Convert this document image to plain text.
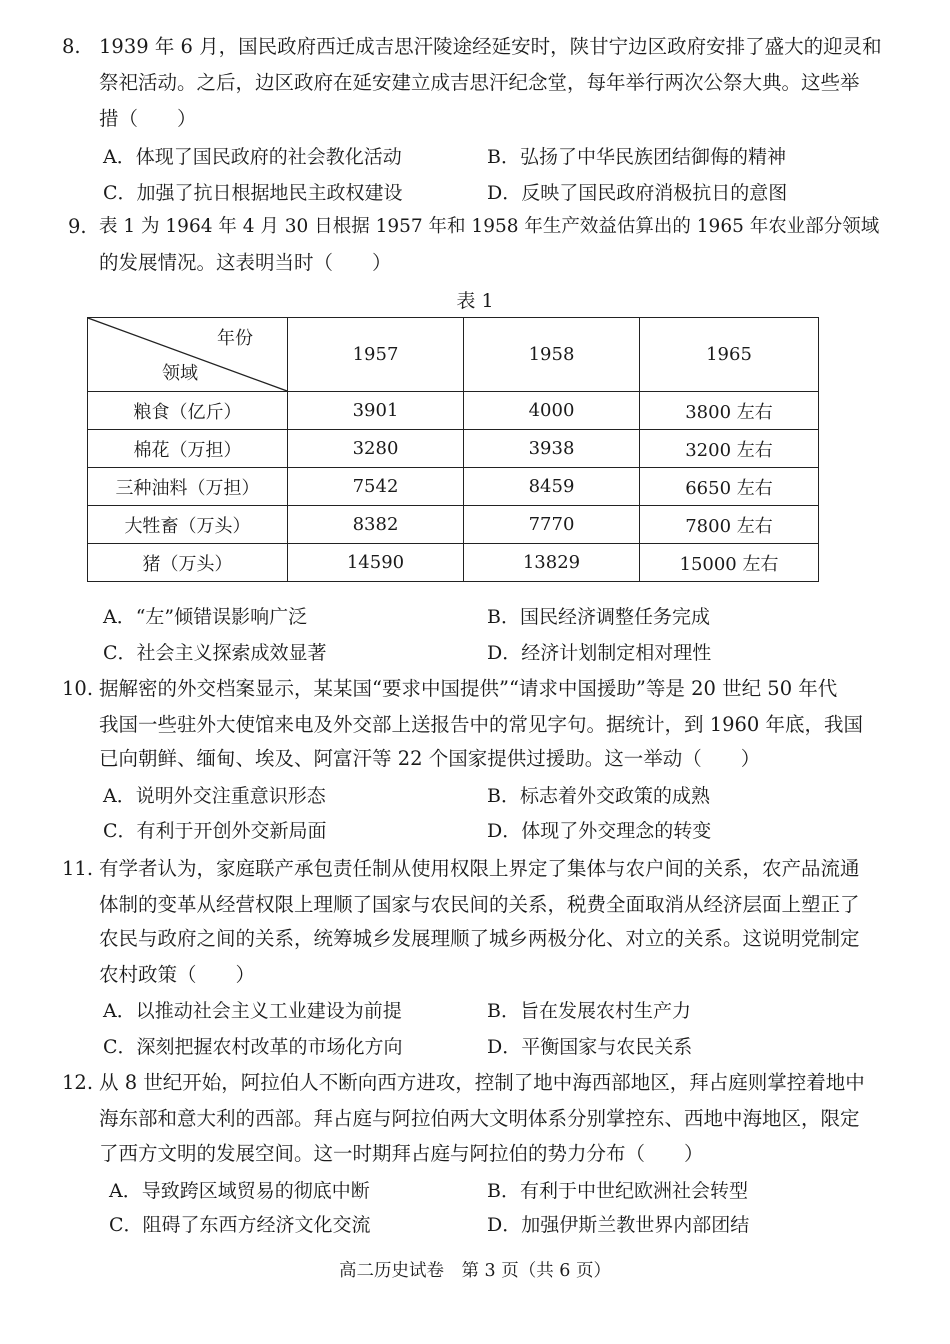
8. 1939 年 6 月，国民政府西迁成吉思汗陵途经延安时，陕甘宁边区政府安排了盛大的迎灵和
祭祀活动。之后，边区政府在延安建立成吉思汗纪念堂，每年举行两次公祭大典。这些举
措（　　）
A．体现了国民政府的社会教化活动	B．弘扬了中华民族团结御侮的精神
C．加强了抗日根据地民主政权建设	D．反映了国民政府消极抗日的意图
9. 表 1 为 1964 年 4 月 30 日根据 1957 年和 1958 年生产效益估算出的 1965 年农业部分领域
的发展情况。这表明当时（　　）
表 1
年份
领域	1957	1958	1965
粮食（亿斤）	3901	4000	3800 左右
棉花（万担）	3280	3938	3200 左右
三种油料（万担）	7542	8459	6650 左右
大牲畜（万头）	8382	7770	7800 左右
猪（万头）	14590	13829	15000 左右
A．“左”倾错误影响广泛	B．国民经济调整任务完成
C．社会主义探索成效显著	D．经济计划制定相对理性
10. 据解密的外交档案显示，某某国“要求中国提供”“请求中国援助”等是 20 世纪 50 年代
我国一些驻外大使馆来电及外交部上送报告中的常见字句。据统计，到 1960 年底，我国
已向朝鲜、缅甸、埃及、阿富汗等 22 个国家提供过援助。这一举动（　　）
A．说明外交注重意识形态	B．标志着外交政策的成熟
C．有利于开创外交新局面	D．体现了外交理念的转变
11. 有学者认为，家庭联产承包责任制从使用权限上界定了集体与农户间的关系，农产品流通
体制的变革从经营权限上理顺了国家与农民间的关系，税费全面取消从经济层面上塑正了
农民与政府之间的关系，统筹城乡发展理顺了城乡两极分化、对立的关系。这说明党制定
农村政策（　　）
A．以推动社会主义工业建设为前提	B．旨在发展农村生产力
C．深刻把握农村改革的市场化方向	D．平衡国家与农民关系
12. 从 8 世纪开始，阿拉伯人不断向西方进攻，控制了地中海西部地区，拜占庭则掌控着地中
海东部和意大利的西部。拜占庭与阿拉伯两大文明体系分别掌控东、西地中海地区，限定
了西方文明的发展空间。这一时期拜占庭与阿拉伯的势力分布（　　）
A．导致跨区域贸易的彻底中断	B．有利于中世纪欧洲社会转型
C．阻碍了东西方经济文化交流	D．加强伊斯兰教世界内部团结
高二历史试卷　第 3 页（共 6 页）
